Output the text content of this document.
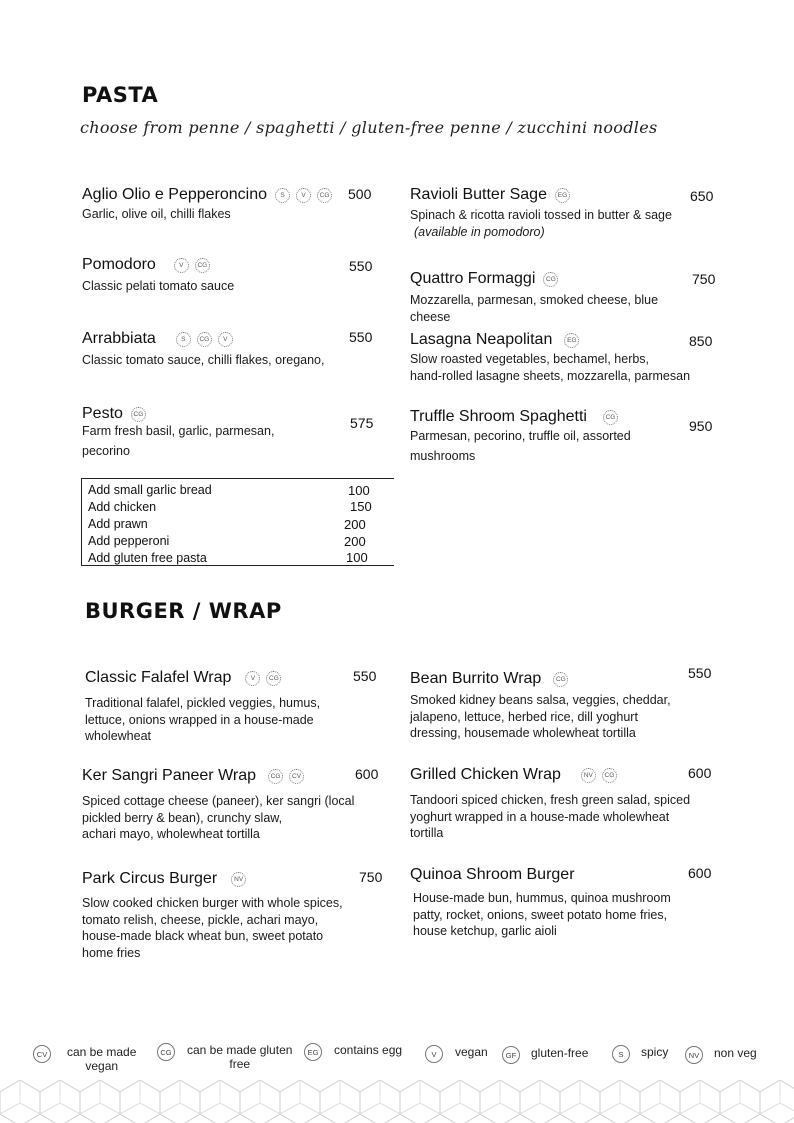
PASTA
choose from penne / spaghetti / gluten-free penne / zucchini noodles
Aglio Olio e Pepperoncino	S	V	CG
Garlic, olive oil, chilli flakes
500
Pomodoro	V	CG
Classic pelati tomato sauce
550
Arrabbiata	S	CG	V
Classic tomato sauce, chilli flakes, oregano,
550
Pesto	CG
Farm fresh basil, garlic, parmesan,
pecorino
575
Ravioli Butter Sage	EG
Spinach & ricotta ravioli tossed in butter & sage
(available in pomodoro)
650
Quattro Formaggi	CG
Mozzarella, parmesan, smoked cheese, blue cheese
750
Lasagna Neapolitan	EG
Slow roasted vegetables, bechamel, herbs,
hand-rolled lasagne sheets, mozzarella, parmesan
850
Truffle Shroom Spaghetti	CG
Parmesan, pecorino, truffle oil, assorted
mushrooms
950
Add small garlic bread	100
Add chicken	150
Add prawn	200
Add pepperoni	200
Add gluten free pasta	100
BURGER / WRAP
Classic Falafel Wrap	V	CG
Traditional falafel, pickled veggies, humus,
lettuce, onions wrapped in a house-made
wholewheat
550
Ker Sangri Paneer Wrap	CG	CV
Spiced cottage cheese (paneer), ker sangri (local
pickled berry & bean), crunchy slaw,
achari mayo, wholewheat tortilla
600
Park Circus Burger	NV
Slow cooked chicken burger with whole spices,
tomato relish, cheese, pickle, achari mayo,
house-made black wheat bun, sweet potato
home fries
750
Bean Burrito Wrap	CG
Smoked kidney beans salsa, veggies, cheddar,
jalapeno, lettuce, herbed rice, dill yoghurt
dressing, housemade wholewheat tortilla
550
Grilled Chicken Wrap	NV	CG
Tandoori spiced chicken, fresh green salad, spiced
yoghurt wrapped in a house-made wholewheat
tortilla
600
Quinoa Shroom Burger
House-made bun, hummus, quinoa mushroom
patty, rocket, onions, sweet potato home fries,
house ketchup, garlic aioli
600
CV	can be made
vegan
CG can be made gluten
free
EG contains egg	V	vegan	GF	gluten-free	S	spicy	NV	non veg
